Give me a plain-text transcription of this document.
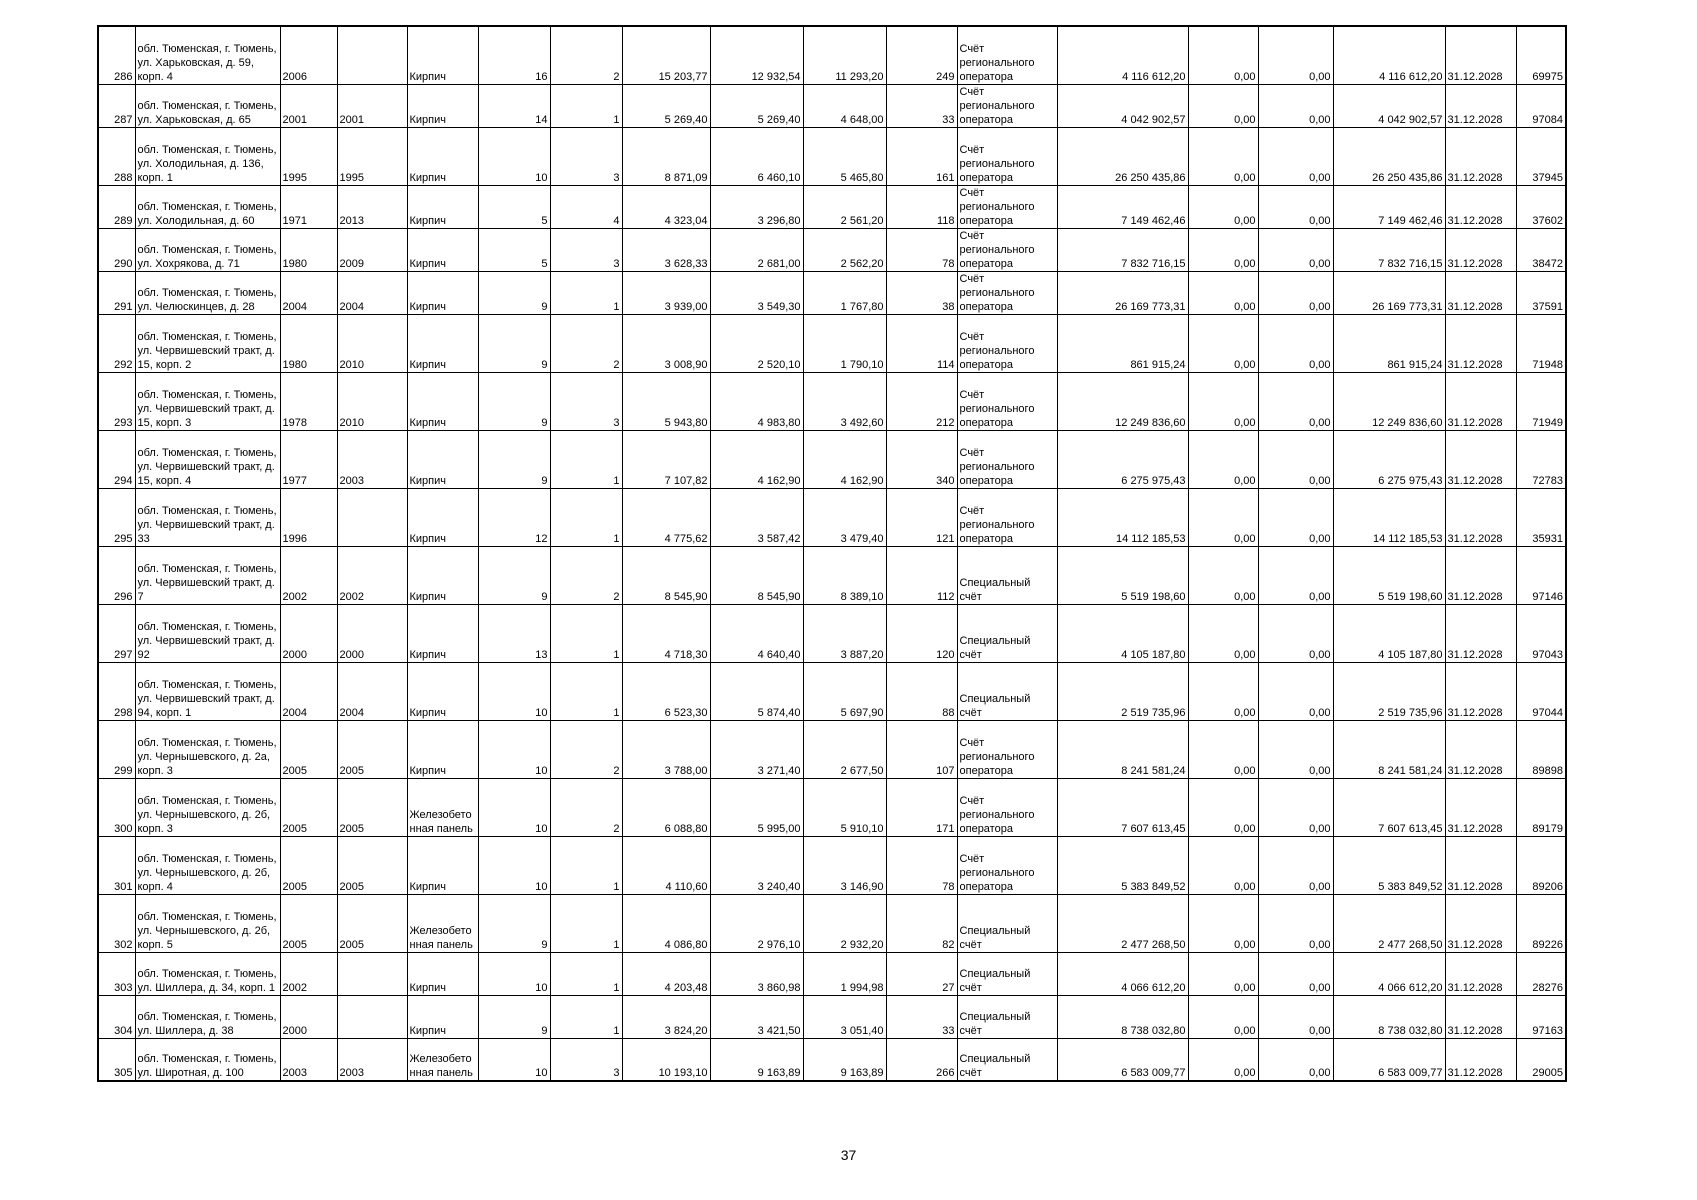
286	обл. Тюменская, г. Тюмень, ул. Харьковская, д. 59, корп. 4	2006		Кирпич	16	2	15 203,77	12 932,54	11 293,20	249	Счёт регионального оператора	4 116 612,20	0,00	0,00	4 116 612,20	31.12.2028	69975
287	обл. Тюменская, г. Тюмень, ул. Харьковская, д. 65	2001	2001	Кирпич	14	1	5 269,40	5 269,40	4 648,00	33	Счёт регионального оператора	4 042 902,57	0,00	0,00	4 042 902,57	31.12.2028	97084
288	обл. Тюменская, г. Тюмень, ул. Холодильная, д. 136, корп. 1	1995	1995	Кирпич	10	3	8 871,09	6 460,10	5 465,80	161	Счёт регионального оператора	26 250 435,86	0,00	0,00	26 250 435,86	31.12.2028	37945
289	обл. Тюменская, г. Тюмень, ул. Холодильная, д. 60	1971	2013	Кирпич	5	4	4 323,04	3 296,80	2 561,20	118	Счёт регионального оператора	7 149 462,46	0,00	0,00	7 149 462,46	31.12.2028	37602
290	обл. Тюменская, г. Тюмень, ул. Хохрякова, д. 71	1980	2009	Кирпич	5	3	3 628,33	2 681,00	2 562,20	78	Счёт регионального оператора	7 832 716,15	0,00	0,00	7 832 716,15	31.12.2028	38472
291	обл. Тюменская, г. Тюмень, ул. Челюскинцев, д. 28	2004	2004	Кирпич	9	1	3 939,00	3 549,30	1 767,80	38	Счёт регионального оператора	26 169 773,31	0,00	0,00	26 169 773,31	31.12.2028	37591
292	обл. Тюменская, г. Тюмень, ул. Червишевский тракт, д. 15, корп. 2	1980	2010	Кирпич	9	2	3 008,90	2 520,10	1 790,10	114	Счёт регионального оператора	861 915,24	0,00	0,00	861 915,24	31.12.2028	71948
293	обл. Тюменская, г. Тюмень, ул. Червишевский тракт, д. 15, корп. 3	1978	2010	Кирпич	9	3	5 943,80	4 983,80	3 492,60	212	Счёт регионального оператора	12 249 836,60	0,00	0,00	12 249 836,60	31.12.2028	71949
294	обл. Тюменская, г. Тюмень, ул. Червишевский тракт, д. 15, корп. 4	1977	2003	Кирпич	9	1	7 107,82	4 162,90	4 162,90	340	Счёт регионального оператора	6 275 975,43	0,00	0,00	6 275 975,43	31.12.2028	72783
295	обл. Тюменская, г. Тюмень, ул. Червишевский тракт, д. 33	1996		Кирпич	12	1	4 775,62	3 587,42	3 479,40	121	Счёт регионального оператора	14 112 185,53	0,00	0,00	14 112 185,53	31.12.2028	35931
296	обл. Тюменская, г. Тюмень, ул. Червишевский тракт, д. 7	2002	2002	Кирпич	9	2	8 545,90	8 545,90	8 389,10	112	Специальный счёт	5 519 198,60	0,00	0,00	5 519 198,60	31.12.2028	97146
297	обл. Тюменская, г. Тюмень, ул. Червишевский тракт, д. 92	2000	2000	Кирпич	13	1	4 718,30	4 640,40	3 887,20	120	Специальный счёт	4 105 187,80	0,00	0,00	4 105 187,80	31.12.2028	97043
298	обл. Тюменская, г. Тюмень, ул. Червишевский тракт, д. 94, корп. 1	2004	2004	Кирпич	10	1	6 523,30	5 874,40	5 697,90	88	Специальный счёт	2 519 735,96	0,00	0,00	2 519 735,96	31.12.2028	97044
299	обл. Тюменская, г. Тюмень, ул. Чернышевского, д. 2а, корп. 3	2005	2005	Кирпич	10	2	3 788,00	3 271,40	2 677,50	107	Счёт регионального оператора	8 241 581,24	0,00	0,00	8 241 581,24	31.12.2028	89898
300	обл. Тюменская, г. Тюмень, ул. Чернышевского, д. 2б, корп. 3	2005	2005	Железобетонная панель	10	2	6 088,80	5 995,00	5 910,10	171	Счёт регионального оператора	7 607 613,45	0,00	0,00	7 607 613,45	31.12.2028	89179
301	обл. Тюменская, г. Тюмень, ул. Чернышевского, д. 2б, корп. 4	2005	2005	Кирпич	10	1	4 110,60	3 240,40	3 146,90	78	Счёт регионального оператора	5 383 849,52	0,00	0,00	5 383 849,52	31.12.2028	89206
302	обл. Тюменская, г. Тюмень, ул. Чернышевского, д. 2б, корп. 5	2005	2005	Железобетонная панель	9	1	4 086,80	2 976,10	2 932,20	82	Специальный счёт	2 477 268,50	0,00	0,00	2 477 268,50	31.12.2028	89226
303	обл. Тюменская, г. Тюмень, ул. Шиллера, д. 34, корп. 1	2002		Кирпич	10	1	4 203,48	3 860,98	1 994,98	27	Специальный счёт	4 066 612,20	0,00	0,00	4 066 612,20	31.12.2028	28276
304	обл. Тюменская, г. Тюмень, ул. Шиллера, д. 38	2000		Кирпич	9	1	3 824,20	3 421,50	3 051,40	33	Специальный счёт	8 738 032,80	0,00	0,00	8 738 032,80	31.12.2028	97163
305	обл. Тюменская, г. Тюмень, ул. Широтная, д. 100	2003	2003	Железобетонная панель	10	3	10 193,10	9 163,89	9 163,89	266	Специальный счёт	6 583 009,77	0,00	0,00	6 583 009,77	31.12.2028	29005
37
